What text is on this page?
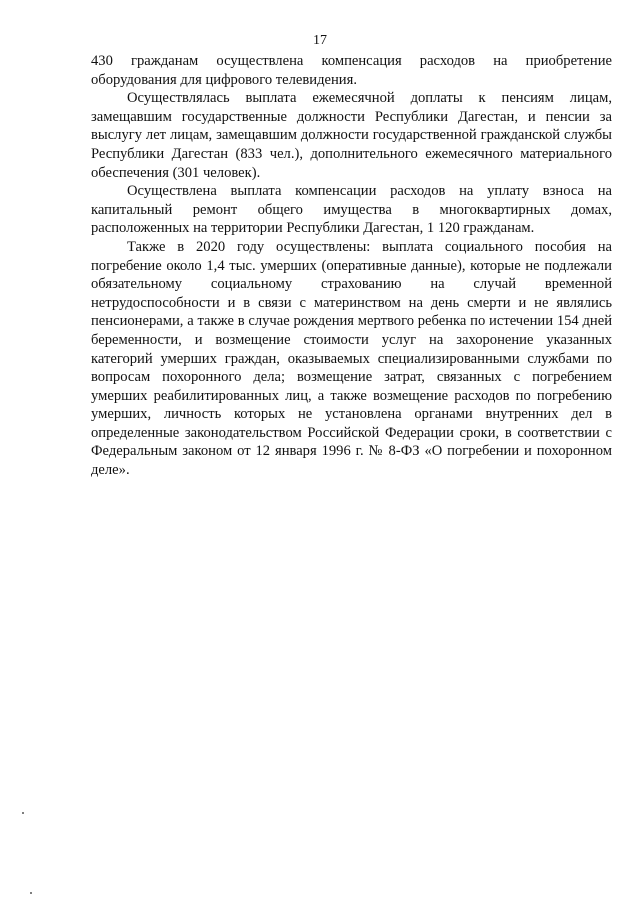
17

430 гражданам осуществлена компенсация расходов на приобретение оборудования для цифрового телевидения.

Осуществлялась выплата ежемесячной доплаты к пенсиям лицам, замещавшим государственные должности Республики Дагестан, и пенсии за выслугу лет лицам, замещавшим должности государственной гражданской службы Республики Дагестан (833 чел.), дополнительного ежемесячного материального обеспечения (301 человек).

Осуществлена выплата компенсации расходов на уплату взноса на капитальный ремонт общего имущества в многоквартирных домах, расположенных на территории Республики Дагестан, 1 120 гражданам.

Также в 2020 году осуществлены: выплата социального пособия на погребение около 1,4 тыс. умерших (оперативные данные), которые не подлежали обязательному социальному страхованию на случай временной нетрудоспособности и в связи с материнством на день смерти и не являлись пенсионерами, а также в случае рождения мертвого ребенка по истечении 154 дней беременности, и возмещение стоимости услуг на захоронение указанных категорий умерших граждан, оказываемых специализированными службами по вопросам похоронного дела; возмещение затрат, связанных с погребением умерших реабилитированных лиц, а также возмещение расходов по погребению умерших, личность которых не установлена органами внутренних дел в определенные законодательством Российской Федерации сроки, в соответствии с Федеральным законом от 12 января 1996 г. № 8-ФЗ «О погребении и похоронном деле».
